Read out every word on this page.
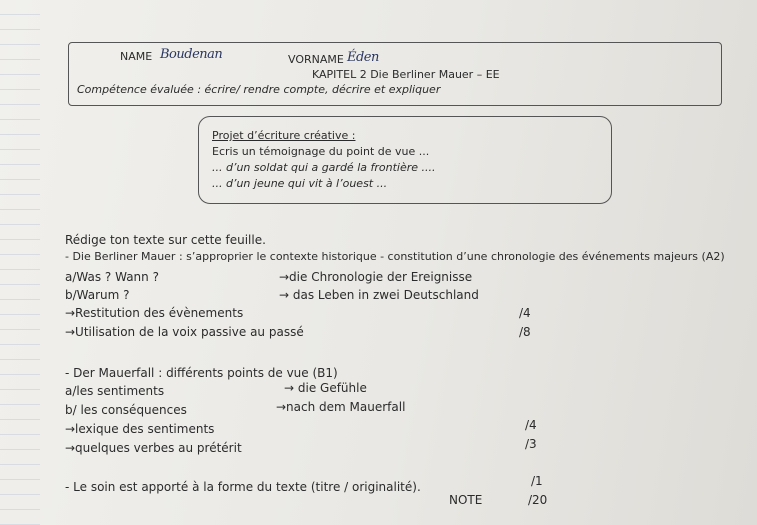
NAME Boudenan	VORNAME Éden
KAPITEL 2 Die Berliner Mauer – EE
Compétence évaluée : écrire/ rendre compte, décrire et expliquer
Projet d’écriture créative :
Ecris un témoignage du point de vue ...
... d’un soldat qui a gardé la frontière ....
... d’un jeune qui vit à l’ouest ...
Rédige ton texte sur cette feuille.
- Die Berliner Mauer : s’approprier le contexte historique - constitution d’une chronologie des événements majeurs (A2)
a/Was ? Wann ?	→die Chronologie der Ereignisse
b/Warum ?	→ das Leben in zwei Deutschland
→Restitution des évènements	/4
→Utilisation de la voix passive au passé	/8
- Der Mauerfall : différents points de vue (B1)
a/les sentiments	→ die Gefühle
b/ les conséquences	→nach dem Mauerfall
→lexique des sentiments	/4
→quelques verbes au prétérit	/3
- Le soin est apporté à la forme du texte (titre / originalité).	/1
NOTE	/20
